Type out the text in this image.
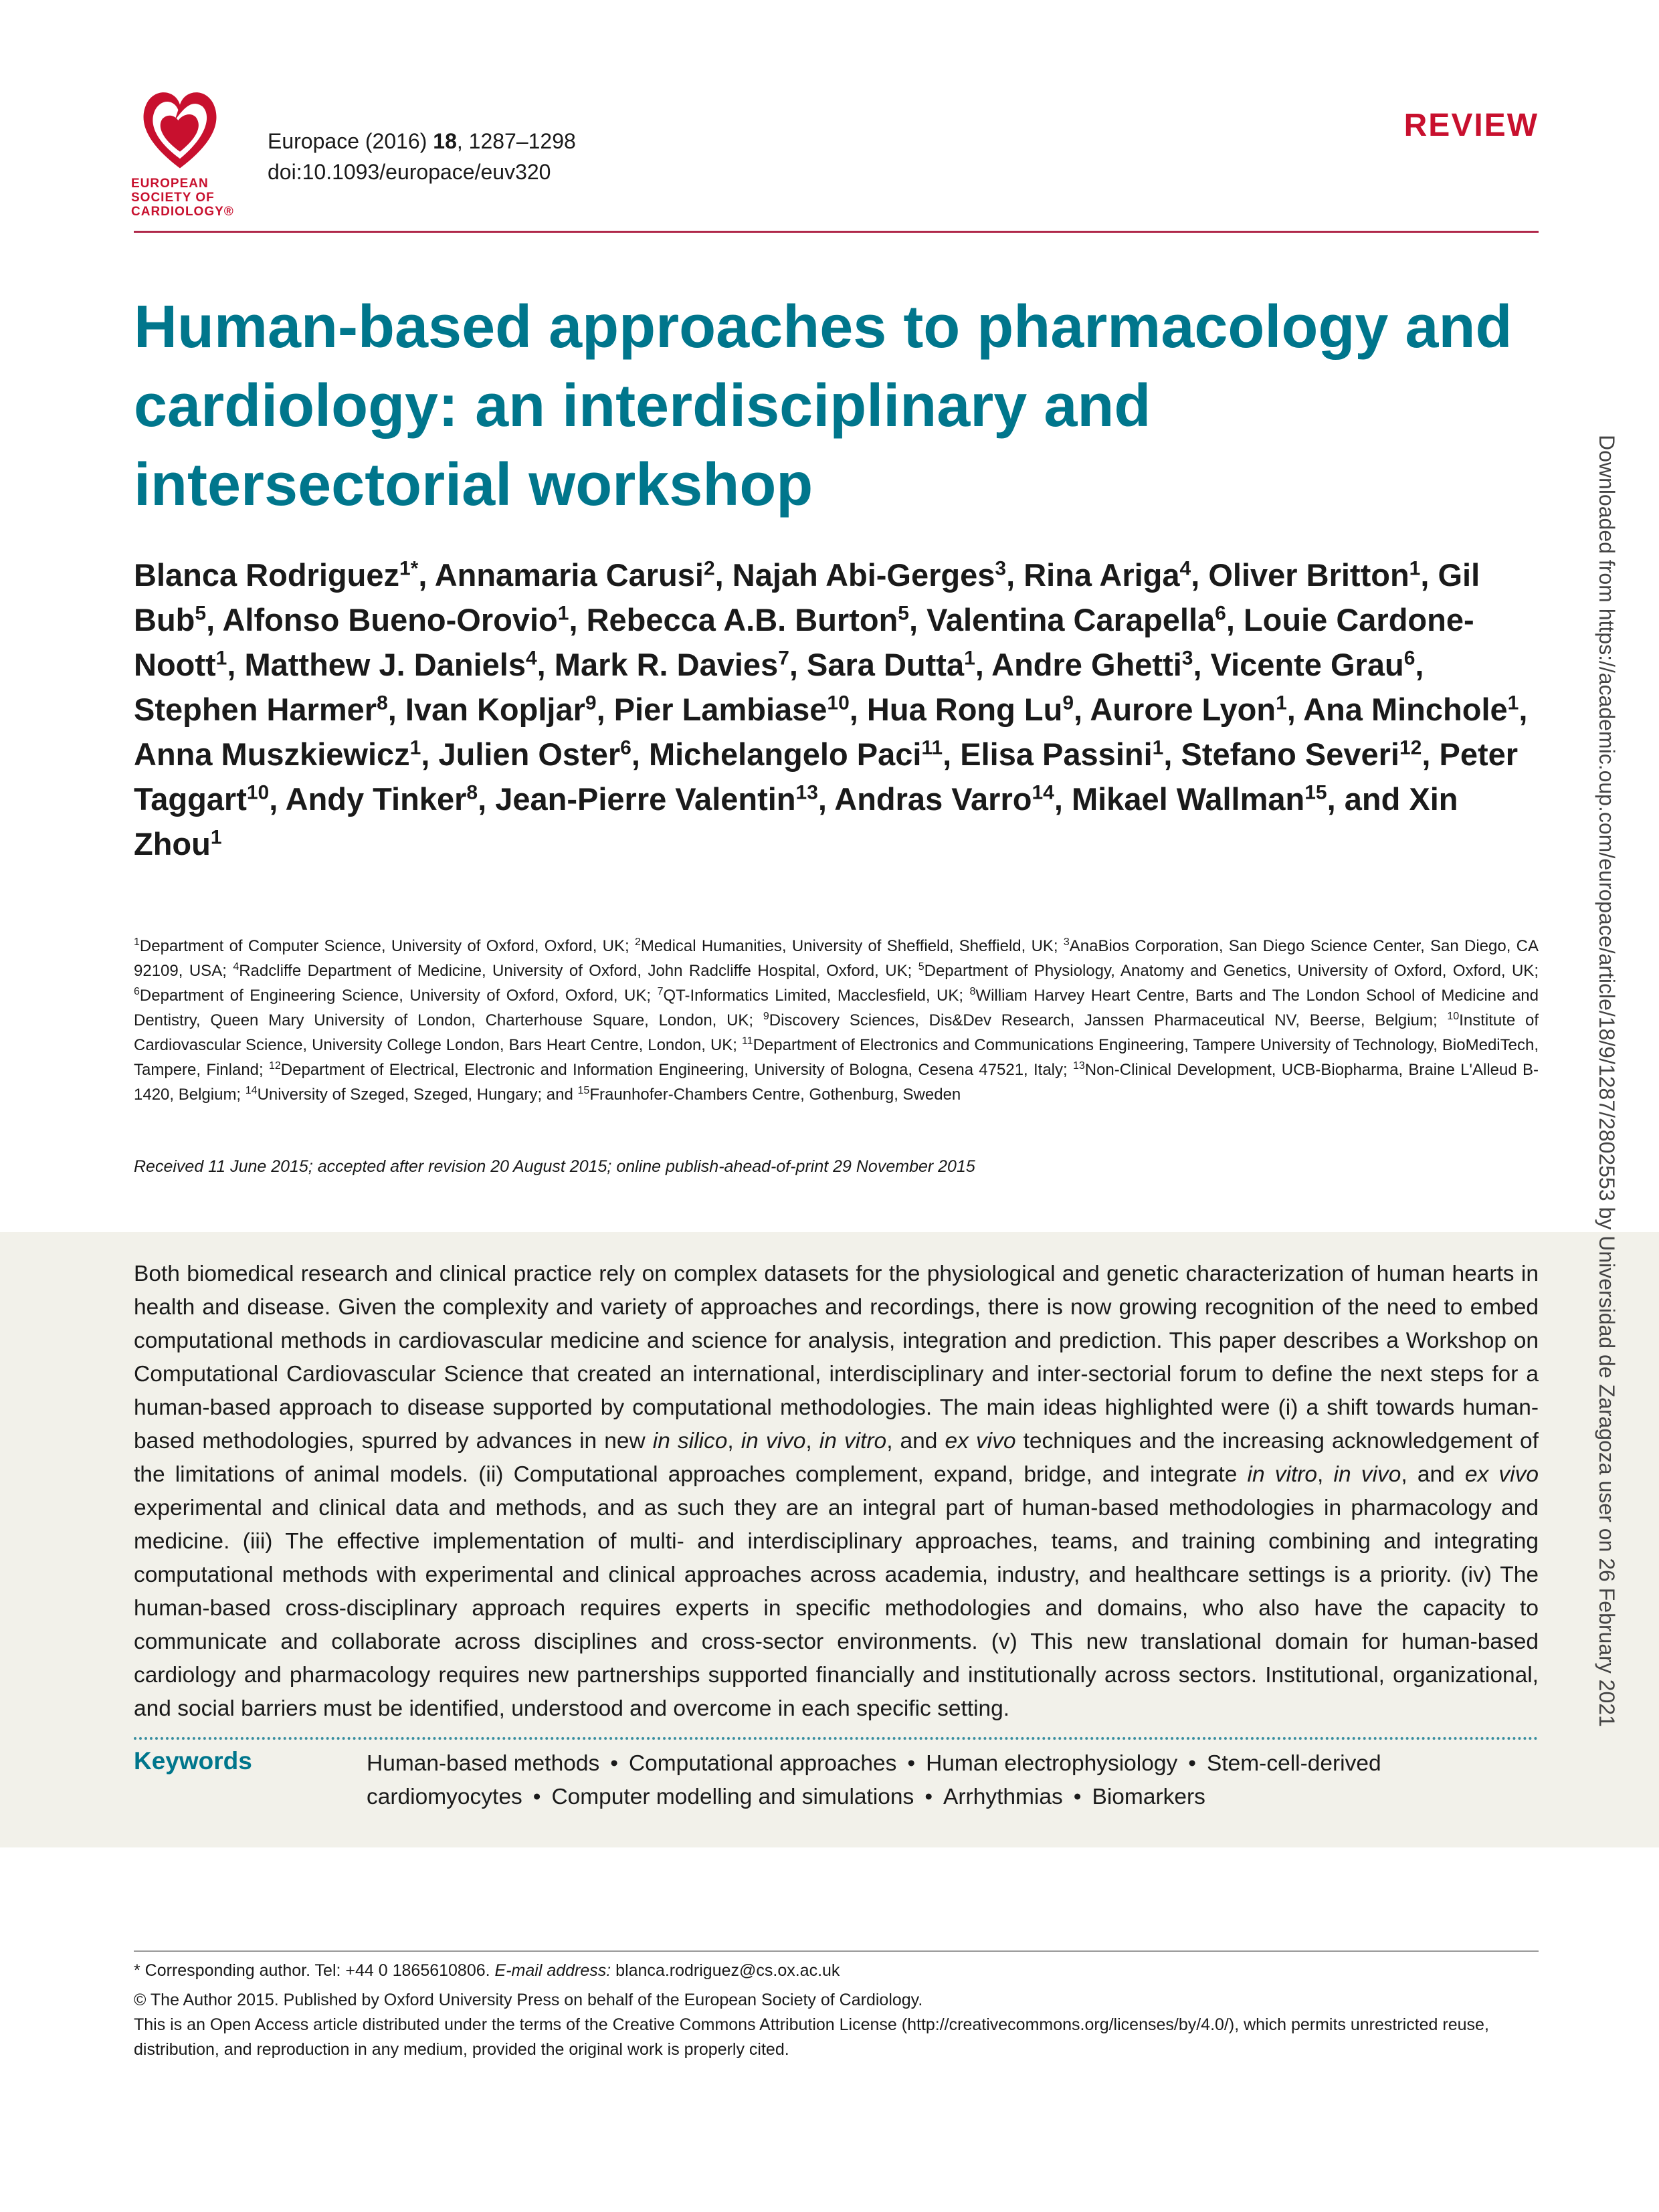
EUROPEAN
SOCIETY OF
CARDIOLOGY®
Europace (2016) 18, 1287–1298
doi:10.1093/europace/euv320
REVIEW
Human-based approaches to pharmacology and cardiology: an interdisciplinary and intersectorial workshop
Blanca Rodriguez$^{1*}$, Annamaria Carusi$^2$, Najah Abi-Gerges$^3$, Rina Ariga$^4$, Oliver Britton$^1$, Gil Bub$^5$, Alfonso Bueno-Orovio$^1$, Rebecca A.B. Burton$^5$, Valentina Carapella$^6$, Louie Cardone-Noott$^1$, Matthew J. Daniels$^4$, Mark R. Davies$^7$, Sara Dutta$^1$, Andre Ghetti$^3$, Vicente Grau$^6$, Stephen Harmer$^8$, Ivan Kopljar$^9$, Pier Lambiase$^{10}$, Hua Rong Lu$^9$, Aurore Lyon$^1$, Ana Minchole$^1$, Anna Muszkiewicz$^1$, Julien Oster$^6$, Michelangelo Paci$^{11}$, Elisa Passini$^1$, Stefano Severi$^{12}$, Peter Taggart$^{10}$, Andy Tinker$^8$, Jean-Pierre Valentin$^{13}$, Andras Varro$^{14}$, Mikael Wallman$^{15}$, and Xin Zhou$^1$
$^1$Department of Computer Science, University of Oxford, Oxford, UK; $^2$Medical Humanities, University of Sheffield, Sheffield, UK; $^3$AnaBios Corporation, San Diego Science Center, San Diego, CA 92109, USA; $^4$Radcliffe Department of Medicine, University of Oxford, John Radcliffe Hospital, Oxford, UK; $^5$Department of Physiology, Anatomy and Genetics, University of Oxford, Oxford, UK; $^6$Department of Engineering Science, University of Oxford, Oxford, UK; $^7$QT-Informatics Limited, Macclesfield, UK; $^8$William Harvey Heart Centre, Barts and The London School of Medicine and Dentistry, Queen Mary University of London, Charterhouse Square, London, UK; $^9$Discovery Sciences, Dis&Dev Research, Janssen Pharmaceutical NV, Beerse, Belgium; $^{10}$Institute of Cardiovascular Science, University College London, Bars Heart Centre, London, UK; $^{11}$Department of Electronics and Communications Engineering, Tampere University of Technology, BioMediTech, Tampere, Finland; $^{12}$Department of Electrical, Electronic and Information Engineering, University of Bologna, Cesena 47521, Italy; $^{13}$Non-Clinical Development, UCB-Biopharma, Braine L'Alleud B-1420, Belgium; $^{14}$University of Szeged, Szeged, Hungary; and $^{15}$Fraunhofer-Chambers Centre, Gothenburg, Sweden
Received 11 June 2015; accepted after revision 20 August 2015; online publish-ahead-of-print 29 November 2015
Both biomedical research and clinical practice rely on complex datasets for the physiological and genetic characterization of human hearts in health and disease. Given the complexity and variety of approaches and recordings, there is now growing recognition of the need to embed computational methods in cardiovascular medicine and science for analysis, integration and prediction. This paper describes a Workshop on Computational Cardiovascular Science that created an international, interdisciplinary and inter-sectorial forum to define the next steps for a human-based approach to disease supported by computational methodologies. The main ideas highlighted were (i) a shift towards human-based methodologies, spurred by advances in new in silico, in vivo, in vitro, and ex vivo techniques and the increasing acknowledgement of the limitations of animal models. (ii) Computational approaches complement, expand, bridge, and integrate in vitro, in vivo, and ex vivo experimental and clinical data and methods, and as such they are an integral part of human-based methodologies in pharmacology and medicine. (iii) The effective implementation of multi- and interdisciplinary approaches, teams, and training combining and integrating computational methods with experimental and clinical approaches across academia, industry, and healthcare settings is a priority. (iv) The human-based cross-disciplinary approach requires experts in specific methodologies and domains, who also have the capacity to communicate and collaborate across disciplines and cross-sector environments. (v) This new translational domain for human-based cardiology and pharmacology requires new partnerships supported financially and institutionally across sectors. Institutional, organizational, and social barriers must be identified, understood and overcome in each specific setting.
Keywords	Human-based methods • Computational approaches • Human electrophysiology • Stem-cell-derived cardiomyocytes • Computer modelling and simulations • Arrhythmias • Biomarkers
* Corresponding author. Tel: +44 0 1865610806. E-mail address: blanca.rodriguez@cs.ox.ac.uk
© The Author 2015. Published by Oxford University Press on behalf of the European Society of Cardiology.
This is an Open Access article distributed under the terms of the Creative Commons Attribution License (http://creativecommons.org/licenses/by/4.0/), which permits unrestricted reuse, distribution, and reproduction in any medium, provided the original work is properly cited.
Downloaded from https://academic.oup.com/europace/article/18/9/1287/2802553 by Universidad de Zaragoza user on 26 February 2021
